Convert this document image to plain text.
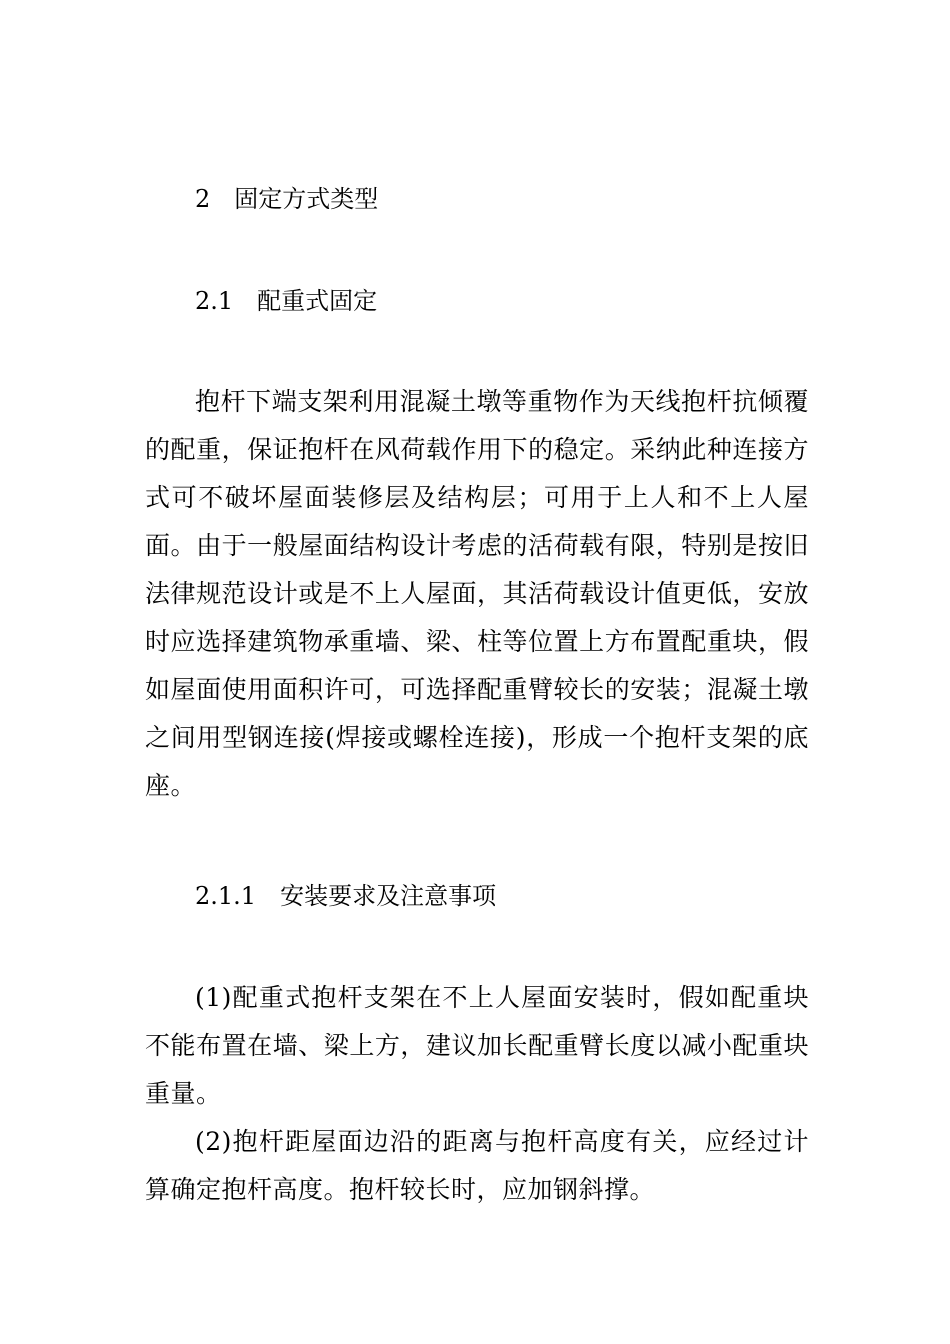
2　固定方式类型
2.1　配重式固定

抱杆下端支架利用混凝土墩等重物作为天线抱杆抗倾覆的配重，保证抱杆在风荷载作用下的稳定。采纳此种连接方式可不破坏屋面装修层及结构层；可用于上人和不上人屋面。由于一般屋面结构设计考虑的活荷载有限，特别是按旧法律规范设计或是不上人屋面，其活荷载设计值更低，安放时应选择建筑物承重墙、梁、柱等位置上方布置配重块，假如屋面使用面积许可，可选择配重臂较长的安装；混凝土墩之间用型钢连接(焊接或螺栓连接)，形成一个抱杆支架的底座。

2.1.1　安装要求及注意事项

(1)配重式抱杆支架在不上人屋面安装时，假如配重块不能布置在墙、梁上方，建议加长配重臂长度以减小配重块重量。

(2)抱杆距屋面边沿的距离与抱杆高度有关，应经过计算确定抱杆高度。抱杆较长时，应加钢斜撑。
